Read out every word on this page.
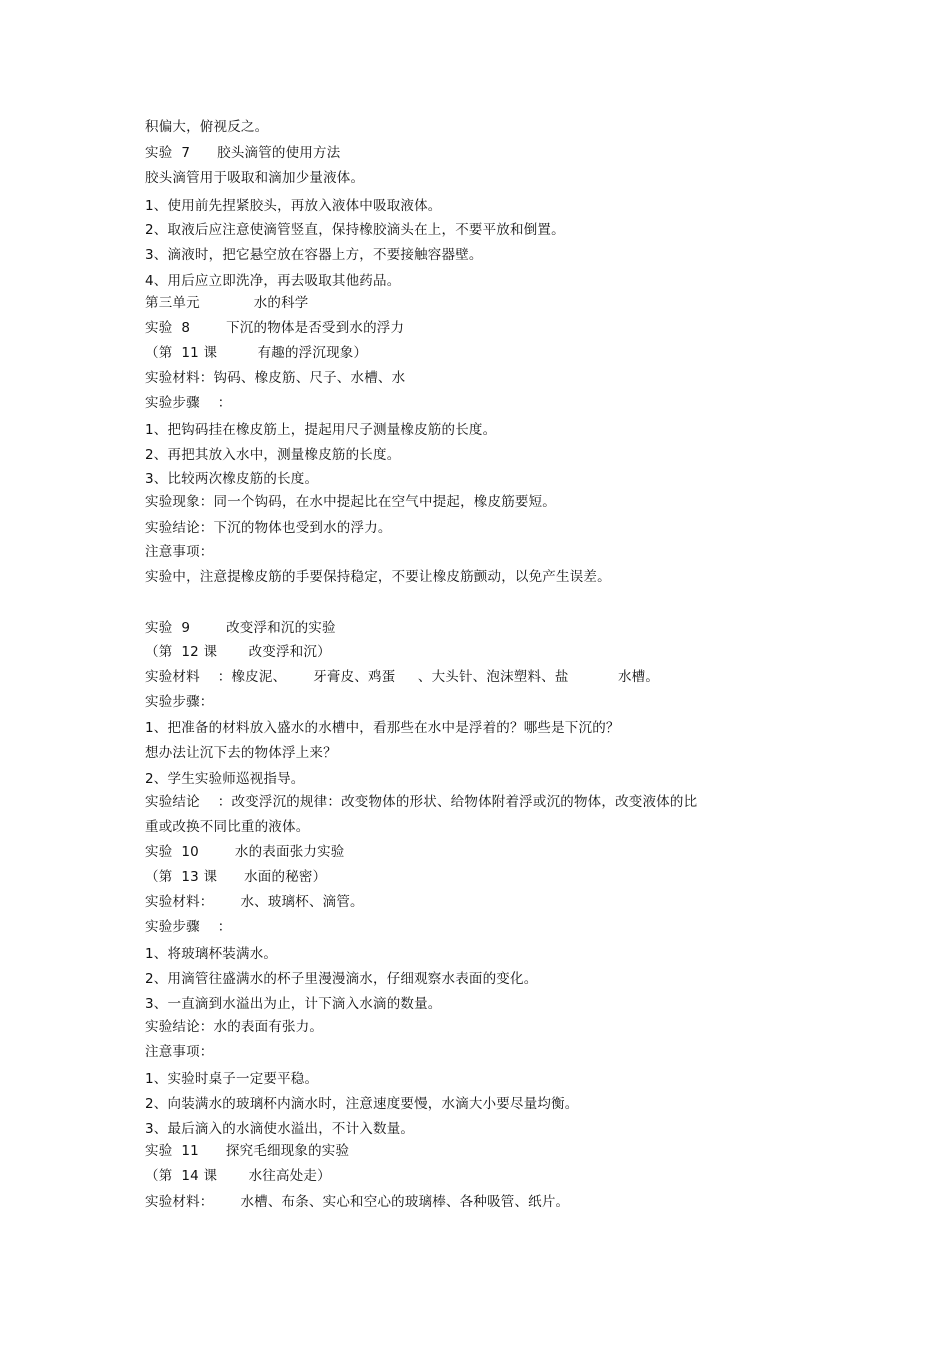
积偏大，俯视反之。
实验  7      胶头滴管的使用方法
胶头滴管用于吸取和滴加少量液体。
1、使用前先捏紧胶头，再放入液体中吸取液体。
2、取液后应注意使滴管竖直，保持橡胶滴头在上，不要平放和倒置。
3、滴液时，把它悬空放在容器上方，不要接触容器壁。
4、用后应立即洗净，再去吸取其他药品。
第三单元            水的科学
实验  8        下沉的物体是否受到水的浮力
（第  11 课         有趣的浮沉现象）
实验材料：钩码、橡皮筋、尺子、水槽、水
实验步骤    ：
1、把钩码挂在橡皮筋上，提起用尺子测量橡皮筋的长度。
2、再把其放入水中，测量橡皮筋的长度。
3、比较两次橡皮筋的长度。
实验现象：同一个钩码，在水中提起比在空气中提起，橡皮筋要短。
实验结论：下沉的物体也受到水的浮力。
注意事项：
实验中，注意提橡皮筋的手要保持稳定，不要让橡皮筋颤动，以免产生误差。
实验  9        改变浮和沉的实验
（第  12 课       改变浮和沉）
实验材料    ：橡皮泥、      牙膏皮、鸡蛋     、大头针、泡沫塑料、盐           水槽。
实验步骤：
1、把准备的材料放入盛水的水槽中，看那些在水中是浮着的？哪些是下沉的？
想办法让沉下去的物体浮上来？
2、学生实验师巡视指导。
实验结论    ：改变浮沉的规律：改变物体的形状、给物体附着浮或沉的物体，改变液体的比
重或改换不同比重的液体。
实验  10        水的表面张力实验
（第  13 课      水面的秘密）
实验材料：      水、玻璃杯、滴管。
实验步骤    ：
1、将玻璃杯装满水。
2、用滴管往盛满水的杯子里漫漫滴水，仔细观察水表面的变化。
3、一直滴到水溢出为止，计下滴入水滴的数量。
实验结论：水的表面有张力。
注意事项：
1、实验时桌子一定要平稳。
2、向装满水的玻璃杯内滴水时，注意速度要慢，水滴大小要尽量均衡。
3、最后滴入的水滴使水溢出，不计入数量。
实验  11      探究毛细现象的实验
（第  14 课       水往高处走）
实验材料：      水槽、布条、实心和空心的玻璃棒、各种吸管、纸片。
